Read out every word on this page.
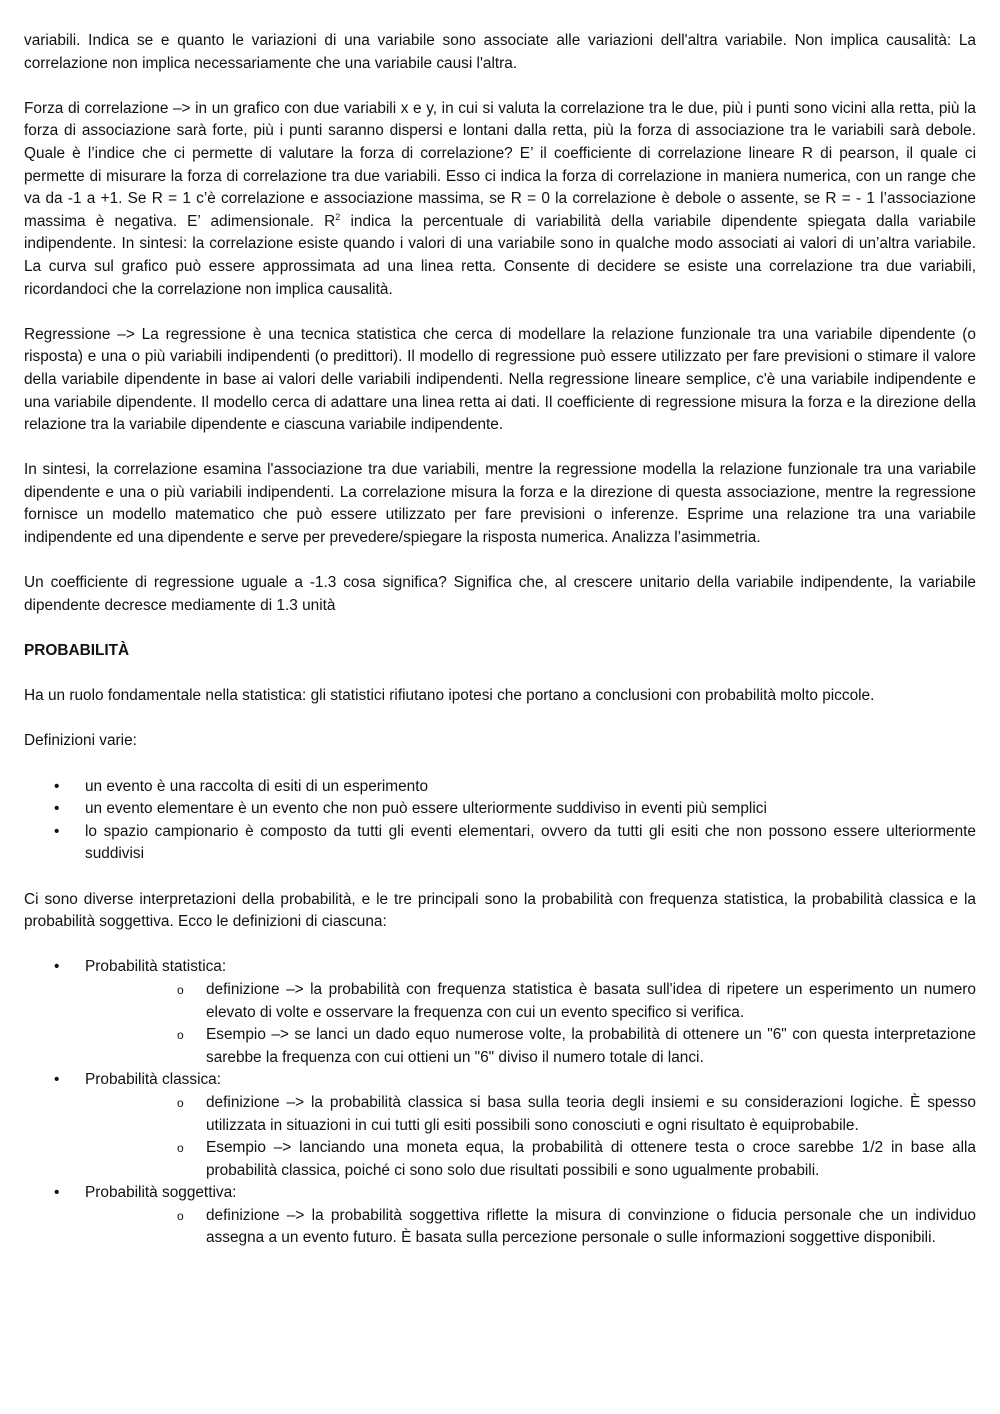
variabili. Indica se e quanto le variazioni di una variabile sono associate alle variazioni dell'altra variabile. Non implica causalità: La correlazione non implica necessariamente che una variabile causi l'altra.

Forza di correlazione –> in un grafico con due variabili x e y, in cui si valuta la correlazione tra le due, più i punti sono vicini alla retta, più la forza di associazione sarà forte, più i punti saranno dispersi e lontani dalla retta, più la forza di associazione tra le variabili sarà debole. Quale è l’indice che ci permette di valutare la forza di correlazione? E’ il coefficiente di correlazione lineare R di pearson, il quale ci permette di misurare la forza di correlazione tra due variabili. Esso ci indica la forza di correlazione in maniera numerica, con un range che va da -1 a +1. Se R = 1 c’è correlazione e associazione massima, se R = 0 la correlazione è debole o assente, se R = - 1 l’associazione massima è negativa. E’ adimensionale. $R^2$ indica la percentuale di variabilità della variabile dipendente spiegata dalla variabile indipendente. In sintesi: la correlazione esiste quando i valori di una variabile sono in qualche modo associati ai valori di un’altra variabile. La curva sul grafico può essere approssimata ad una linea retta. Consente di decidere se esiste una correlazione tra due variabili, ricordandoci che la correlazione non implica causalità.

Regressione –> La regressione è una tecnica statistica che cerca di modellare la relazione funzionale tra una variabile dipendente (o risposta) e una o più variabili indipendenti (o predittori). Il modello di regressione può essere utilizzato per fare previsioni o stimare il valore della variabile dipendente in base ai valori delle variabili indipendenti. Nella regressione lineare semplice, c'è una variabile indipendente e una variabile dipendente. Il modello cerca di adattare una linea retta ai dati. Il coefficiente di regressione misura la forza e la direzione della relazione tra la variabile dipendente e ciascuna variabile indipendente.

In sintesi, la correlazione esamina l'associazione tra due variabili, mentre la regressione modella la relazione funzionale tra una variabile dipendente e una o più variabili indipendenti. La correlazione misura la forza e la direzione di questa associazione, mentre la regressione fornisce un modello matematico che può essere utilizzato per fare previsioni o inferenze. Esprime una relazione tra una variabile indipendente ed una dipendente e serve per prevedere/spiegare la risposta numerica. Analizza l’asimmetria.

Un coefficiente di regressione uguale a -1.3 cosa significa? Significa che, al crescere unitario della variabile indipendente, la variabile dipendente decresce mediamente di 1.3 unità

PROBABILITÀ

Ha un ruolo fondamentale nella statistica: gli statistici rifiutano ipotesi che portano a conclusioni con probabilità molto piccole.

Definizioni varie:

• un evento è una raccolta di esiti di un esperimento
• un evento elementare è un evento che non può essere ulteriormente suddiviso in eventi più semplici
• lo spazio campionario è composto da tutti gli eventi elementari, ovvero da tutti gli esiti che non possono essere ulteriormente suddivisi

Ci sono diverse interpretazioni della probabilità, e le tre principali sono la probabilità con frequenza statistica, la probabilità classica e la probabilità soggettiva. Ecco le definizioni di ciascuna:

• Probabilità statistica:
o definizione –> la probabilità con frequenza statistica è basata sull'idea di ripetere un esperimento un numero elevato di volte e osservare la frequenza con cui un evento specifico si verifica.
o Esempio –> se lanci un dado equo numerose volte, la probabilità di ottenere un "6" con questa interpretazione sarebbe la frequenza con cui ottieni un "6" diviso il numero totale di lanci.
• Probabilità classica:
o definizione –> la probabilità classica si basa sulla teoria degli insiemi e su considerazioni logiche. È spesso utilizzata in situazioni in cui tutti gli esiti possibili sono conosciuti e ogni risultato è equiprobabile.
o Esempio –> lanciando una moneta equa, la probabilità di ottenere testa o croce sarebbe 1/2 in base alla probabilità classica, poiché ci sono solo due risultati possibili e sono ugualmente probabili.
• Probabilità soggettiva:
o definizione –> la probabilità soggettiva riflette la misura di convinzione o fiducia personale che un individuo assegna a un evento futuro. È basata sulla percezione personale o sulle informazioni soggettive disponibili.
